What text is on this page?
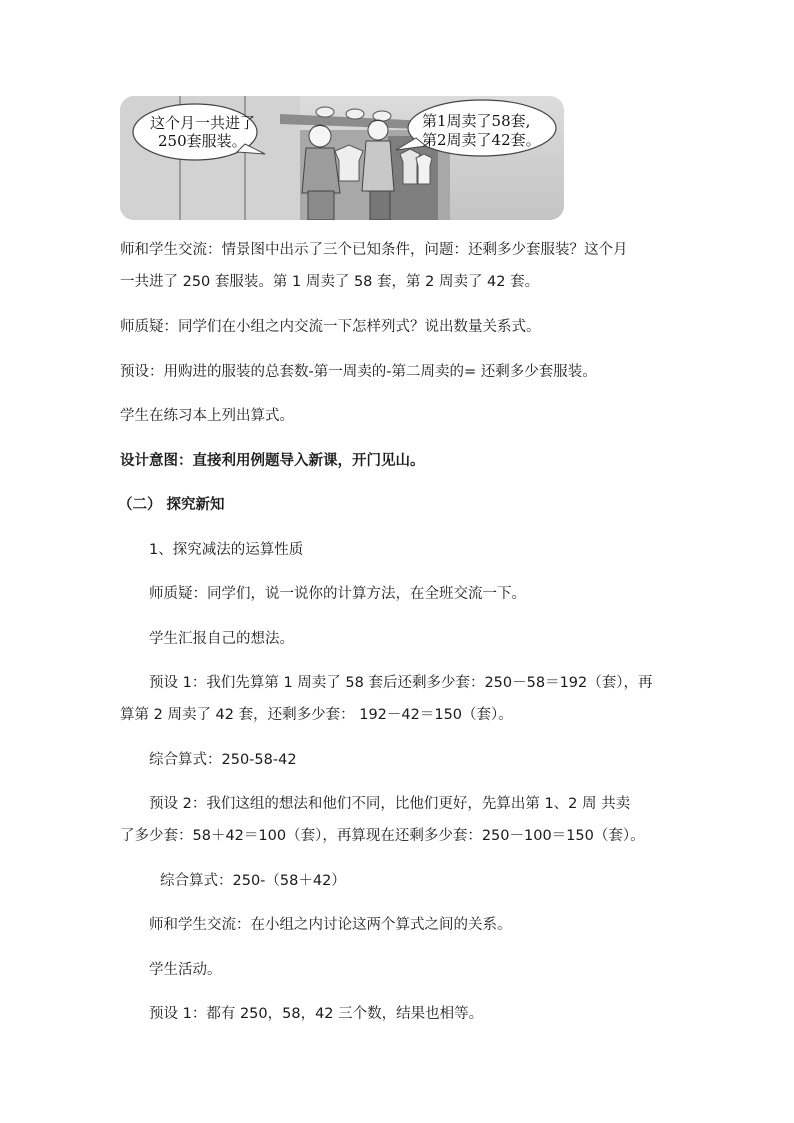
这个月一共进了
250套服装。
第1周卖了58套,
第2周卖了42套。
师和学生交流：情景图中出示了三个已知条件，问题：还剩多少套服装？这个月
一共进了 250 套服装。第 1 周卖了 58 套，第 2 周卖了 42 套。
师质疑：同学们在小组之内交流一下怎样列式？说出数量关系式。
预设：用购进的服装的总套数-第一周卖的-第二周卖的= 还剩多少套服装。
学生在练习本上列出算式。
设计意图：直接利用例题导入新课，开门见山。
（二） 探究新知
1、探究减法的运算性质
师质疑：同学们，说一说你的计算方法，在全班交流一下。
学生汇报自己的想法。
预设 1：我们先算第 1 周卖了 58 套后还剩多少套：250－58＝192（套），再
算第 2 周卖了 42 套，还剩多少套： 192－42＝150（套）。
综合算式：250-58-42
预设 2：我们这组的想法和他们不同，比他们更好，先算出第 1、2 周 共卖
了多少套：58＋42＝100（套），再算现在还剩多少套：250－100＝150（套）。
综合算式：250-（58＋42）
师和学生交流：在小组之内讨论这两个算式之间的关系。
学生活动。
预设 1：都有 250，58，42 三个数，结果也相等。
